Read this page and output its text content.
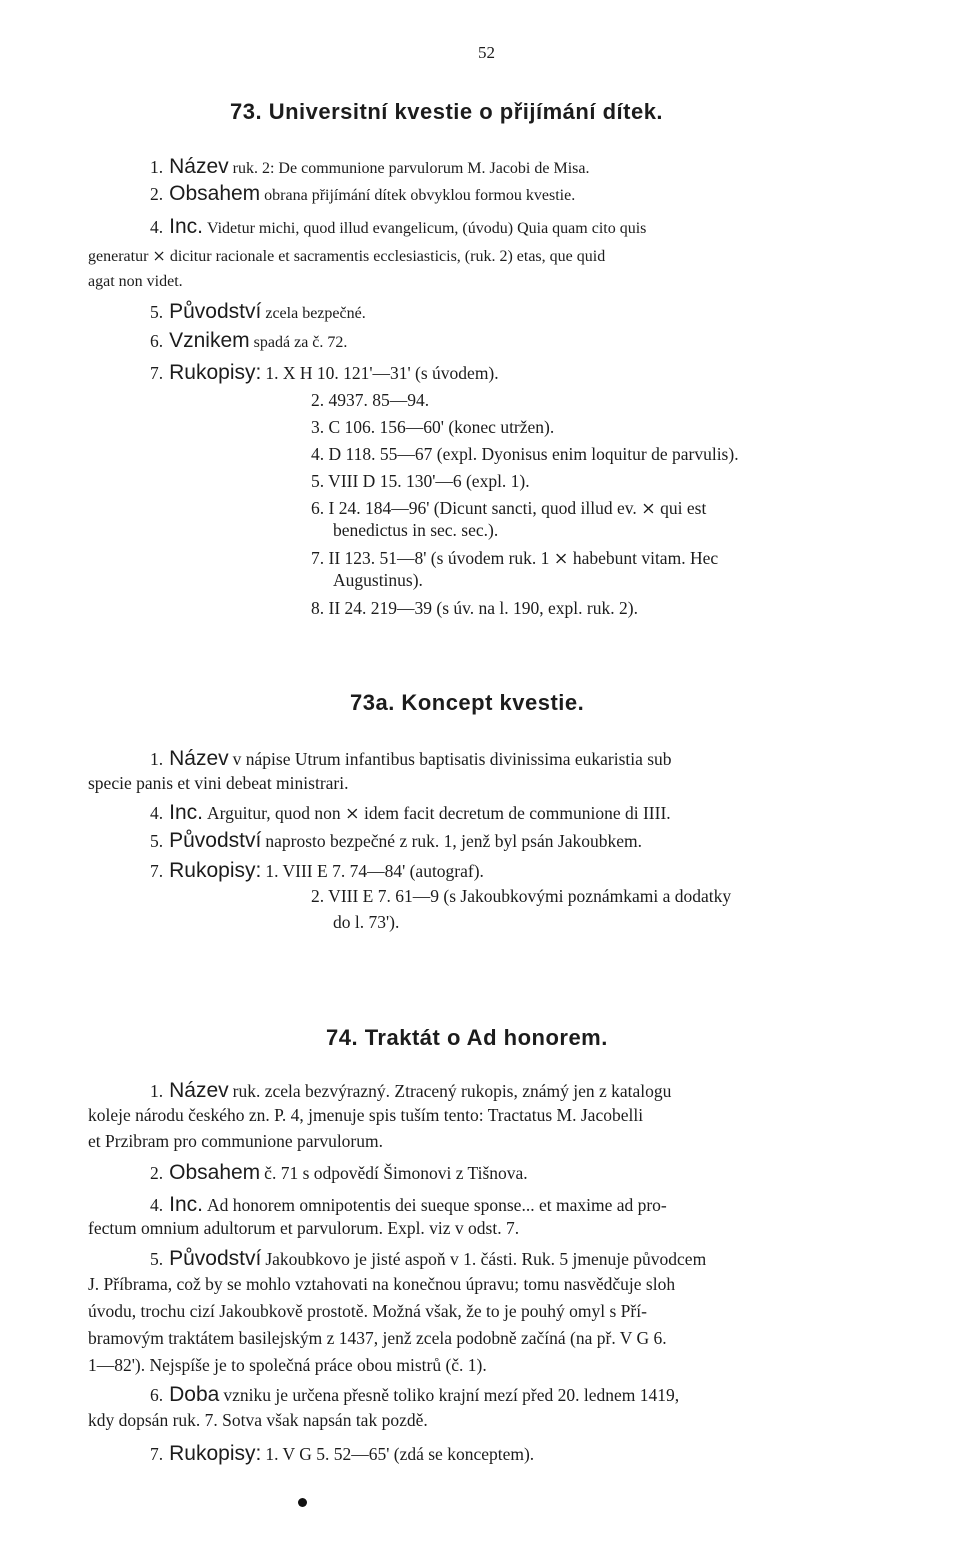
52
73. Universitní kvestie o přijímání dítek.
1. Název ruk. 2: De communione parvulorum M. Jacobi de Misa.
2. Obsahem obrana přijímání dítek obvyklou formou kvestie.
4. Inc. Videtur michi, quod illud evangelicum, (úvodu) Quia quam cito quis
generatur ⨯ dicitur racionale et sacramentis ecclesiasticis, (ruk. 2) etas, que quid
agat non videt.
5. Původství zcela bezpečné.
6. Vznikem spadá za č. 72.
7. Rukopisy: 1. X H 10. 121'—31' (s úvodem).
2. 4937. 85—94.
3. C 106. 156—60' (konec utržen).
4. D 118. 55—67 (expl. Dyonisus enim loquitur de parvulis).
5. VIII D 15. 130'—6 (expl. 1).
6. I 24. 184—96' (Dicunt sancti, quod illud ev. ⨯ qui est
benedictus in sec. sec.).
7. II 123. 51—8' (s úvodem ruk. 1 ⨯ habebunt vitam. Hec
Augustinus).
8. II 24. 219—39 (s úv. na l. 190, expl. ruk. 2).
73a. Koncept kvestie.
1. Název v nápise Utrum infantibus baptisatis divinissima eukaristia sub
specie panis et vini debeat ministrari.
4. Inc. Arguitur, quod non ⨯ idem facit decretum de communione di IIII.
5. Původství naprosto bezpečné z ruk. 1, jenž byl psán Jakoubkem.
7. Rukopisy: 1. VIII E 7. 74—84' (autograf).
2. VIII E 7. 61—9 (s Jakoubkovými poznámkami a dodatky
do l. 73').
74. Traktát o Ad honorem.
1. Název ruk. zcela bezvýrazný. Ztracený rukopis, známý jen z katalogu
koleje národu českého zn. P. 4, jmenuje spis tuším tento: Tractatus M. Jacobelli
et Przibram pro communione parvulorum.
2. Obsahem č. 71 s odpovědí Šimonovi z Tišnova.
4. Inc. Ad honorem omnipotentis dei sueque sponse... et maxime ad pro-
fectum omnium adultorum et parvulorum. Expl. viz v odst. 7.
5. Původství Jakoubkovo je jisté aspoň v 1. části. Ruk. 5 jmenuje původcem
J. Příbrama, což by se mohlo vztahovati na konečnou úpravu; tomu nasvědčuje sloh
úvodu, trochu cizí Jakoubkově prostotě. Možná však, že to je pouhý omyl s Pří-
bramovým traktátem basilejským z 1437, jenž zcela podobně začíná (na př. V G 6.
1—82'). Nejspíše je to společná práce obou mistrů (č. 1).
6. Doba vzniku je určena přesně toliko krajní mezí před 20. lednem 1419,
kdy dopsán ruk. 7. Sotva však napsán tak pozdě.
7. Rukopisy: 1. V G 5. 52—65' (zdá se konceptem).
